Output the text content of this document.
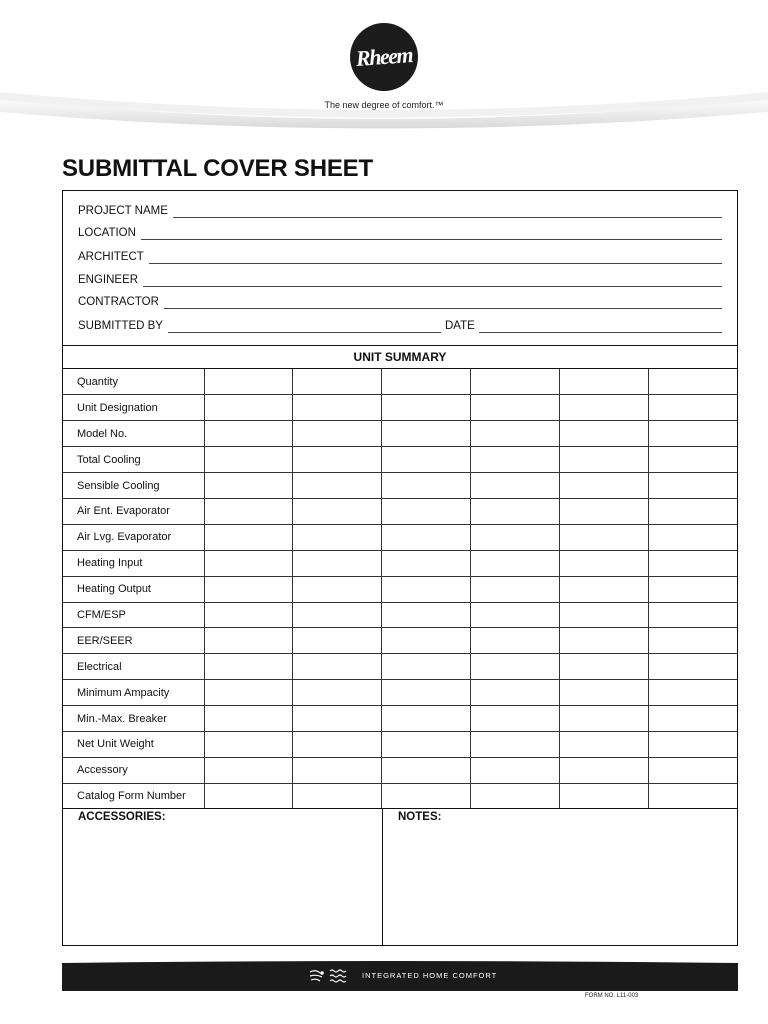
Rheem
The new degree of comfort.™
SUBMITTAL COVER SHEET
PROJECT NAME
LOCATION
ARCHITECT
ENGINEER
CONTRACTOR
SUBMITTED BY	DATE
UNIT SUMMARY
Quantity						
Unit Designation						
Model No.						
Total Cooling						
Sensible Cooling						
Air Ent. Evaporator						
Air Lvg. Evaporator						
Heating Input						
Heating Output						
CFM/ESP						
EER/SEER						
Electrical						
Minimum Ampacity						
Min.-Max. Breaker						
Net Unit Weight						
Accessory						
Catalog Form Number						
ACCESSORIES:	NOTES:
INTEGRATED HOME COMFORT
FORM NO. L11-003
